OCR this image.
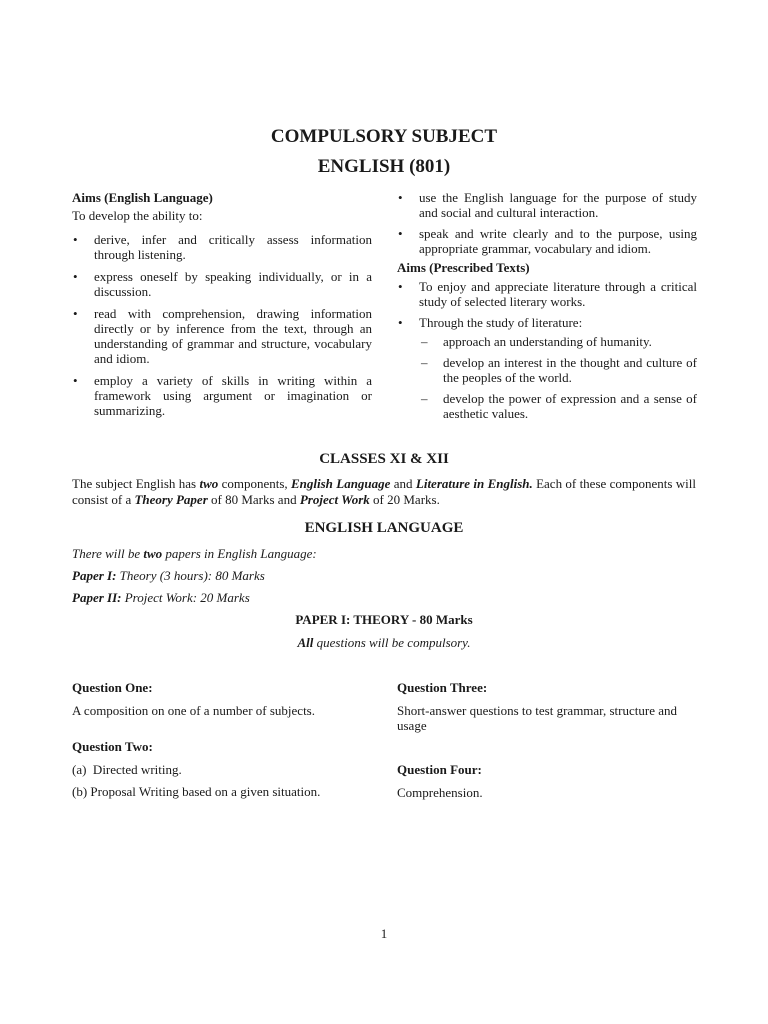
COMPULSORY SUBJECT
ENGLISH (801)
Aims (English Language)
To develop the ability to:
• derive, infer and critically assess information through listening.
• express oneself by speaking individually, or in a discussion.
• read with comprehension, drawing information directly or by inference from the text, through an understanding of grammar and structure, vocabulary and idiom.
• employ a variety of skills in writing within a framework using argument or imagination or summarizing.
• use the English language for the purpose of study and social and cultural interaction.
• speak and write clearly and to the purpose, using appropriate grammar, vocabulary and idiom.
Aims (Prescribed Texts)
• To enjoy and appreciate literature through a critical study of selected literary works.
• Through the study of literature:
– approach an understanding of humanity.
– develop an interest in the thought and culture of the peoples of the world.
– develop the power of expression and a sense of aesthetic values.
CLASSES XI & XII
The subject English has two components, English Language and Literature in English. Each of these components will consist of a Theory Paper of 80 Marks and Project Work of 20 Marks.
ENGLISH LANGUAGE
There will be two papers in English Language:
Paper I: Theory (3 hours): 80 Marks
Paper II: Project Work: 20 Marks
PAPER I: THEORY - 80 Marks
All questions will be compulsory.
Question One:
A composition on one of a number of subjects.
Question Two:
(a)  Directed writing.
(b) Proposal Writing based on a given situation.
Question Three:
Short-answer questions to test grammar, structure and usage
Question Four:
Comprehension.
1
